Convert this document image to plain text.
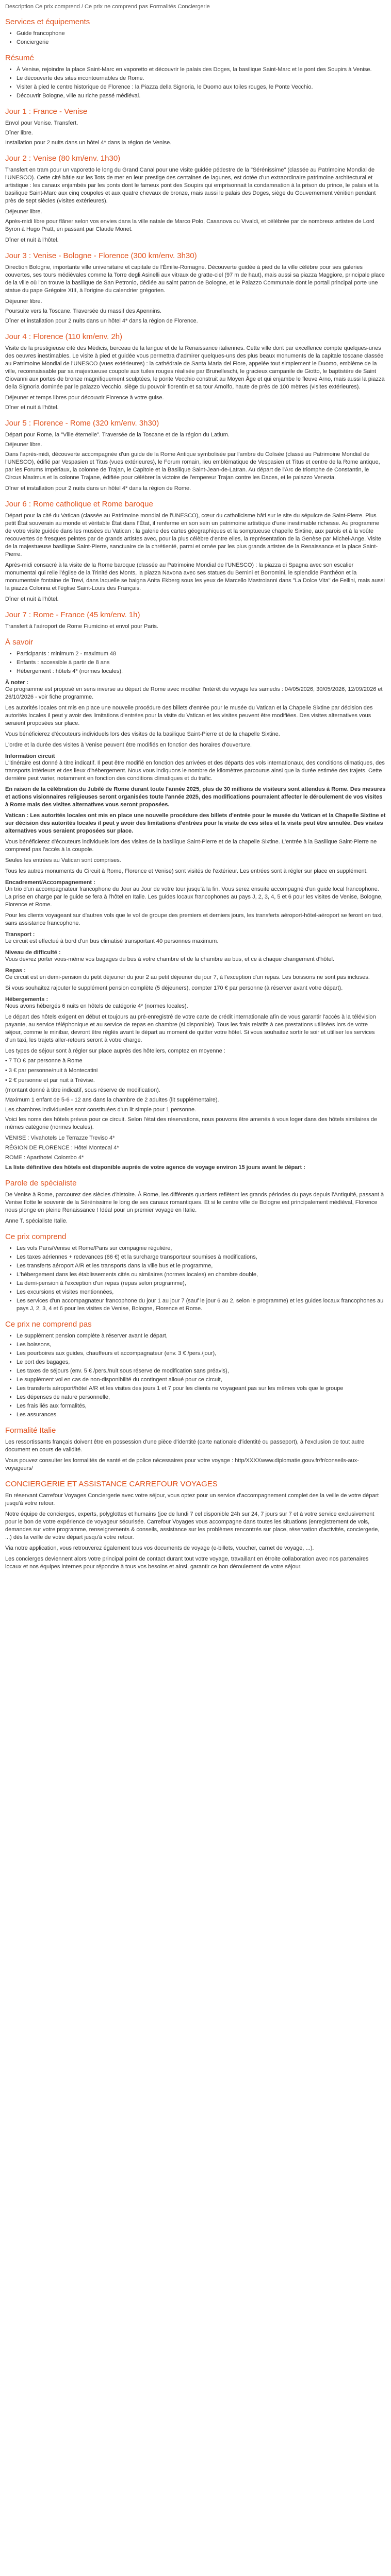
Description Ce prix comprend / Ce prix ne comprend pas Formalités Conciergerie

Services et équipements
• Guide francophone
• Conciergerie
Résumé
• À Venise, rejoindre la place Saint-Marc en vaporetto et découvrir le palais des Doges, la basilique Saint-Marc et le pont des Soupirs à Venise.
• Le découverte des sites incontournables de Rome.
• Visiter à pied le centre historique de Florence : la Piazza della Signoria, le Duomo aux toiles rouges, le Ponte Vecchio.
• Découvrir Bologne, ville au riche passé médiéval.
Jour 1 : France - Venise

Envol pour Venise. Transfert.

Dîner libre.

Installation pour 2 nuits dans un hôtel 4* dans la région de Venise.

Jour 2 : Venise (80 km/env. 1h30)

Transfert en tram pour un vaporetto le long du Grand Canal pour une visite guidée pédestre de la "Sérénissime" (classée au Patrimoine Mondial de l'UNESCO). Cette cité bâtie sur les îlots de mer en leur prestige des centaines de lagunes, est dotée d'un extraordinaire patrimoine architectural et artistique : les canaux enjambés par les ponts dont le fameux pont des Soupirs qui emprisonnait la condamnation à la prison du prince, le palais et la basilique Saint-Marc aux cinq coupoles et aux quatre chevaux de bronze, mais aussi le palais des Doges, siège du Gouvernement vénitien pendant près de sept siècles (visites extérieures).

Déjeuner libre.

Après-midi libre pour flâner selon vos envies dans la ville natale de Marco Polo, Casanova ou Vivaldi, et célébrée par de nombreux artistes de Lord Byron à Hugo Pratt, en passant par Claude Monet.

Dîner et nuit à l'hôtel.

Jour 3 : Venise - Bologne - Florence (300 km/env. 3h30)

Direction Bologne, importante ville universitaire et capitale de l'Émilie-Romagne. Découverte guidée à pied de la ville célèbre pour ses galeries couvertes, ses tours médiévales comme la Torre degli Asinelli aux vitraux de gratte-ciel (97 m de haut), mais aussi sa piazza Maggiore, principale place de la ville où l'on trouve la basilique de San Petronio, dédiée au saint patron de Bologne, et le Palazzo Communale dont le portail principal porte une statue du pape Grégoire XIII, à l'origine du calendrier grégorien.

Déjeuner libre.

Poursuite vers la Toscane. Traversée du massif des Apennins.

Dîner et installation pour 2 nuits dans un hôtel 4* dans la région de Florence.

Jour 4 : Florence (110 km/env. 2h)

Visite de la prestigieuse cité des Médicis, berceau de la langue et de la Renaissance italiennes. Cette ville dont par excellence compte quelques-unes des oeuvres inestimables. Le visite à pied et guidée vous permettra d'admirer quelques-uns des plus beaux monuments de la capitale toscane classée au Patrimoine Mondial de l'UNESCO (vues extérieures) : la cathédrale de Santa Maria del Fiore, appelée tout simplement le Duomo, emblème de la ville, reconnaissable par sa majestueuse coupole aux tuiles rouges réalisée par Brunelleschi, le gracieux campanile de Giotto, le baptistère de Saint Giovanni aux portes de bronze magnifiquement sculptées, le ponte Vecchio construit au Moyen Âge et qui enjambe le fleuve Arno, mais aussi la piazza della Signoria dominée par le palazzo Vecchio, siège du pouvoir florentin et sa tour Arnolfo, haute de près de 100 mètres (visites extérieures).

Déjeuner et temps libres pour découvrir Florence à votre guise.

Dîner et nuit à l'hôtel.

Jour 5 : Florence - Rome (320 km/env. 3h30)

Départ pour Rome, la "Ville éternelle". Traversée de la Toscane et de la région du Latium.

Déjeuner libre.

Dans l'après-midi, découverte accompagnée d'un guide de la Rome Antique symbolisée par l'ambre du Colisée (classé au Patrimoine Mondial de l'UNESCO), édifié par Vespasien et Titus (vues extérieures), le Forum romain, lieu emblématique de Vespasien et Titus et centre de la Rome antique, par les Forums Impériaux, la colonne de Trajan, le Capitole et la Basilique Saint-Jean-de-Latran. Au départ de l'Arc de triomphe de Constantin, le Circus Maximus et la colonne Trajane, édifiée pour célébrer la victoire de l'empereur Trajan contre les Daces, et le palazzo Venezia.

Dîner et installation pour 2 nuits dans un hôtel 4* dans la région de Rome.

Jour 6 : Rome catholique et Rome baroque

Départ pour la cité du Vatican (classée au Patrimoine mondial de l'UNESCO), cœur du catholicisme bâti sur le site du sépulcre de Saint-Pierre. Plus petit État souverain au monde et véritable État dans l'État, il renferme en son sein un patrimoine artistique d'une inestimable richesse. Au programme de votre visite guidée dans les musées du Vatican : la galerie des cartes géographiques et la somptueuse chapelle Sixtine, aux parois et à la voûte recouvertes de fresques peintes par de grands artistes avec, pour la plus célèbre d'entre elles, la représentation de la Genèse par Michel-Ange. Visite de la majestueuse basilique Saint-Pierre, sanctuaire de la chrétienté, parmi et ornée par les plus grands artistes de la Renaissance et la place Saint-Pierre.

Après-midi consacré à la visite de la Rome baroque (classée au Patrimoine Mondial de l'UNESCO) : la piazza di Spagna avec son escalier monumental qui relie l'église de la Trinité des Monts, la piazza Navona avec ses statues du Bernini et Borromini, le splendide Panthéon et la monumentale fontaine de Trevi, dans laquelle se baigna Anita Ekberg sous les yeux de Marcello Mastroianni dans "La Dolce Vita" de Fellini, mais aussi la piazza Colonna et l'église Saint-Louis des Français.

Dîner et nuit à l'hôtel.

Jour 7 : Rome - France (45 km/env. 1h)

Transfert à l'aéroport de Rome Fiumicino et envol pour Paris.

À savoir
• Participants : minimum 2 - maximum 48
• Enfants : accessible à partir de 8 ans
• Hébergement : hôtels 4* (normes locales).
À noter :

Ce programme est proposé en sens inverse au départ de Rome avec modifier l'intérêt du voyage les samedis : 04/05/2026, 30/05/2026, 12/09/2026 et 26/10/2026 - voir fiche programme.

Les autorités locales ont mis en place une nouvelle procédure des billets d'entrée pour le musée du Vatican et la Chapelle Sixtine par décision des autorités locales il peut y avoir des limitations d'entrées pour la visite du Vatican et les visites peuvent être modifiées. Des visites alternatives vous seraient proposées sur place.

Vous bénéficierez d'écouteurs individuels lors des visites de la basilique Saint-Pierre et de la chapelle Sixtine.

L'ordre et la durée des visites à Venise peuvent être modifiés en fonction des horaires d'ouverture.

Information circuit

L'itinéraire est donné à titre indicatif. Il peut être modifié en fonction des arrivées et des départs des vols internationaux, des conditions climatiques, des transports intérieurs et des lieux d'hébergement. Nous vous indiquons le nombre de kilomètres parcourus ainsi que la durée estimée des trajets. Cette dernière peut varier, notamment en fonction des conditions climatiques et du trafic.

En raison de la célébration du Jubilé de Rome durant toute l'année 2025, plus de 30 millions de visiteurs sont attendus à Rome. Des mesures et actions visionnaires religieuses seront organisées toute l'année 2025, des modifications pourraient affecter le déroulement de vos visites à Rome mais des visites alternatives vous seront proposées.

Vatican : Les autorités locales ont mis en place une nouvelle procédure des billets d'entrée pour le musée du Vatican et la Chapelle Sixtine et sur décision des autorités locales il peut y avoir des limitations d'entrées pour la visite de ces sites et la visite peut être annulée. Des visites alternatives vous seraient proposées sur place.

Vous bénéficierez d'écouteurs individuels lors des visites de la basilique Saint-Pierre et de la chapelle Sixtine. L'entrée à la Basilique Saint-Pierre ne comprend pas l'accès à la coupole.

Seules les entrées au Vatican sont comprises.

Tous les autres monuments du Circuit à Rome, Florence et Venise) sont visités de l'extérieur. Les entrées sont à régler sur place en supplément.

Encadrement/Accompagnement :

Un trio d'un accompagnateur francophone du Jour au Jour de votre tour jusqu'à la fin. Vous serez ensuite accompagné d'un guide local francophone. La prise en charge par le guide se fera à l'hôtel en Italie. Les guides locaux francophones au pays J, 2, 3, 4, 5 et 6 pour les visites de Venise, Bologne, Florence et Rome.

Pour les clients voyageant sur d'autres vols que le vol de groupe des premiers et derniers jours, les transferts aéroport-hôtel-aéroport se feront en taxi, sans assistance francophone.

Transport :

Le circuit est effectué à bord d'un bus climatisé transportant 40 personnes maximum.

Niveau de difficulté :

Vous devrez porter vous-même vos bagages du bus à votre chambre et de la chambre au bus, et ce à chaque changement d'hôtel.

Repas :

Ce circuit est en demi-pension du petit déjeuner du jour 2 au petit déjeuner du jour 7, à l'exception d'un repas. Les boissons ne sont pas incluses.

Si vous souhaitez rajouter le supplément pension complète (5 déjeuners), compter 170 € par personne (à réserver avant votre départ).

Hébergements :

Nous avons hébergés 6 nuits en hôtels de catégorie 4* (normes locales).

Le départ des hôtels exigent en début et toujours au pré-enregistré de votre carte de crédit internationale afin de vous garantir l'accès à la télévision payante, au service téléphonique et au service de repas en chambre (si disponible). Tous les frais relatifs à ces prestations utilisées lors de votre séjour, comme le minibar, devront être réglés avant le départ au moment de quitter votre hôtel. Si vous souhaitez sortir le soir et utiliser les services d'un taxi, les trajets aller-retours seront à votre charge.

Les types de séjour sont à régler sur place auprès des hôteliers, comptez en moyenne :

• 7 TO € par personne à Rome

• 3 € par personne/nuit à Montecatini

• 2 € personne et par nuit à Trévise.

(montant donné à titre indicatif, sous réserve de modification).

Maximum 1 enfant de 5-6 - 12 ans dans la chambre de 2 adultes (lit supplémentaire).

Les chambres individuelles sont constituées d'un lit simple pour 1 personne.

Voici les noms des hôtels prévus pour ce circuit. Selon l'état des réservations, nous pouvons être amenés à vous loger dans des hôtels similaires de mêmes catégorie (normes locales).

VENISE : Vivahotels Le Terrazze Treviso 4*

RÉGION DE FLORENCE : Hôtel Montecal 4*

ROME : Aparthotel Colombo 4*

La liste définitive des hôtels est disponible auprès de votre agence de voyage environ 15 jours avant le départ :

Parole de spécialiste

De Venise à Rome, parcourez des siècles d'histoire. À Rome, les différents quartiers reflètent les grands périodes du pays depuis l'Antiquité, passant à Venise flotte le souvenir de la Sérénissime le long de ses canaux romantiques. Et si le centre ville de Bologne est principalement médiéval, Florence nous plonge en pleine Renaissance ! Idéal pour un premier voyage en Italie.

Anne T. spécialiste Italie.

Ce prix comprend
• Les vols Paris/Venise et Rome/Paris sur compagnie régulière,
• Les taxes aériennes + redevances (66 €) et la surcharge transporteur soumises à modifications,
• Les transferts aéroport A/R et les transports dans la ville bus et le programme,
• L'hébergement dans les établissements cités ou similaires (normes locales) en chambre double,
• La demi-pension à l'exception d'un repas (repas selon programme),
• Les excursions et visites mentionnées,
• Les services d'un accompagnateur francophone du jour 1 au jour 7 (sauf le jour 6 au 2, selon le programme) et les guides locaux francophones au pays J, 2, 3, 4 et 6 pour les visites de Venise, Bologne, Florence et Rome.
Ce prix ne comprend pas
• Le supplément pension complète à réserver avant le départ,
• Les boissons,
• Les pourboires aux guides, chauffeurs et accompagnateur (env. 3 € /pers./jour),
• Le port des bagages,
• Les taxes de séjours (env. 5 € /pers./nuit sous réserve de modification sans préavis),
• Le supplément vol en cas de non-disponibilité du contingent alloué pour ce circuit,
• Les transferts aéroport/hôtel A/R et les visites des jours 1 et 7 pour les clients ne voyageant pas sur les mêmes vols que le groupe
• Les dépenses de nature personnelle,
• Les frais liés aux formalités,
• Les assurances.
Formalité Italie

Les ressortissants français doivent être en possession d'une pièce d'identité (carte nationale d'identité ou passeport), à l'exclusion de tout autre document en cours de validité.

Vous pouvez consulter les formalités de santé et de police nécessaires pour votre voyage : http/XXXXwww.diplomatie.gouv.fr/fr/conseils-aux-voyageurs/

CONCIERGERIE ET ASSISTANCE CARREFOUR VOYAGES

En réservant Carrefour Voyages Conciergerie avec votre séjour, vous optez pour un service d'accompagnement complet des la veille de votre départ jusqu'à votre retour.

Notre équipe de concierges, experts, polyglottes et humains (joe de lundi 7 cel disponible 24h sur 24, 7 jours sur 7 et à votre service exclusivement pour le bon de votre expérience de voyageur sécurisée. Carrefour Voyages vous accompagne dans toutes les situations (enregistrement de vols, demandes sur votre programme, renseignements & conseils, assistance sur les problèmes rencontrés sur place, réservation d'activités, conciergerie, ...) dès la veille de votre départ jusqu'à votre retour.

Via notre application, vous retrouverez également tous vos documents de voyage (e-billets, voucher, carnet de voyage, ...).

Les concierges deviennent alors votre principal point de contact durant tout votre voyage, travaillant en étroite collaboration avec nos partenaires locaux et nos équipes internes pour répondre à tous vos besoins et ainsi, garantir ce bon déroulement de votre séjour.
